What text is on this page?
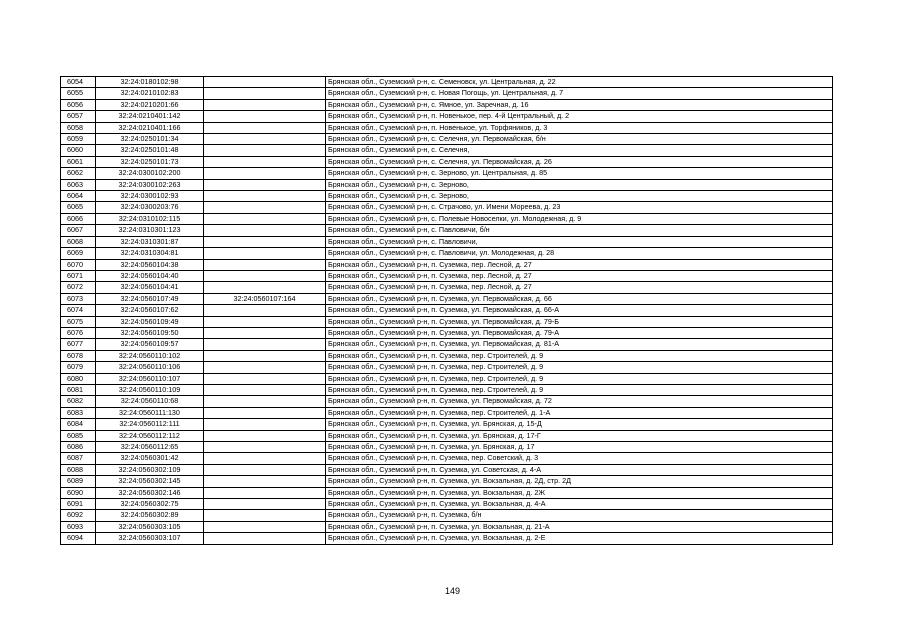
6054	32:24:0180102:98		Брянская обл., Суземский р-н, с. Семеновск, ул. Центральная, д. 22
6055	32:24:0210102:83		Брянская обл., Суземский р-н, с. Новая Погощь, ул. Центральная, д. 7
6056	32:24:0210201:66		Брянская обл., Суземский р-н, с. Ямное, ул. Заречная, д. 16
6057	32:24:0210401:142		Брянская обл., Суземский р-н, п. Новенькое, пер. 4-й Центральный, д. 2
6058	32:24:0210401:166		Брянская обл., Суземский р-н, п. Новенькое, ул. Торфяников, д. 3
6059	32:24:0250101:34		Брянская обл., Суземский р-н, с. Селечня, ул. Первомайская, б/н
6060	32:24:0250101:48		Брянская обл., Суземский р-н, с. Селечня,
6061	32:24:0250101:73		Брянская обл., Суземский р-н, с. Селечня, ул. Первомайская, д. 26
6062	32:24:0300102:200		Брянская обл., Суземский р-н, с. Зерново, ул. Центральная, д. 85
6063	32:24:0300102:263		Брянская обл., Суземский р-н, с. Зерново,
6064	32:24:0300102:93		Брянская обл., Суземский р-н, с. Зерново,
6065	32:24:0300203:76		Брянская обл., Суземский р-н, с. Страчово, ул. Имени Мореева, д. 23
6066	32:24:0310102:115		Брянская обл., Суземский р-н, с. Полевые Новоселки, ул. Молодежная, д. 9
6067	32:24:0310301:123		Брянская обл., Суземский р-н, с. Павловичи, б/н
6068	32:24:0310301:87		Брянская обл., Суземский р-н, с. Павловичи,
6069	32:24:0310304:81		Брянская обл., Суземский р-н, с. Павловичи, ул. Молодежная, д. 28
6070	32:24:0560104:38		Брянская обл., Суземский р-н, п. Суземка, пер. Лесной, д. 27
6071	32:24:0560104:40		Брянская обл., Суземский р-н, п. Суземка, пер. Лесной, д. 27
6072	32:24:0560104:41		Брянская обл., Суземский р-н, п. Суземка, пер. Лесной, д. 27
6073	32:24:0560107:49	32:24:0560107:164	Брянская обл., Суземский р-н, п. Суземка, ул. Первомайская, д. 66
6074	32:24:0560107:62		Брянская обл., Суземский р-н, п. Суземка, ул. Первомайская, д. 66-А
6075	32:24:0560109:49		Брянская обл., Суземский р-н, п. Суземка, ул. Первомайская, д. 79-Б
6076	32:24:0560109:50		Брянская обл., Суземский р-н, п. Суземка, ул. Первомайская, д. 79-А
6077	32:24:0560109:57		Брянская обл., Суземский р-н, п. Суземка, ул. Первомайская, д. 81-А
6078	32:24:0560110:102		Брянская обл., Суземский р-н, п. Суземка, пер. Строителей, д. 9
6079	32:24:0560110:106		Брянская обл., Суземский р-н, п. Суземка, пер. Строителей, д. 9
6080	32:24:0560110:107		Брянская обл., Суземский р-н, п. Суземка, пер. Строителей, д. 9
6081	32:24:0560110:109		Брянская обл., Суземский р-н, п. Суземка, пер. Строителей, д. 9
6082	32:24:0560110:68		Брянская обл., Суземский р-н, п. Суземка, ул. Первомайская, д. 72
6083	32:24:0560111:130		Брянская обл., Суземский р-н, п. Суземка, пер. Строителей, д. 1-А
6084	32:24:0560112:111		Брянская обл., Суземский р-н, п. Суземка, ул. Брянская, д. 15-Д
6085	32:24:0560112:112		Брянская обл., Суземский р-н, п. Суземка, ул. Брянская, д. 17-Г
6086	32:24:0560112:65		Брянская обл., Суземский р-н, п. Суземка, ул. Брянская, д. 17
6087	32:24:0560301:42		Брянская обл., Суземский р-н, п. Суземка, пер. Советский, д. 3
6088	32:24:0560302:109		Брянская обл., Суземский р-н, п. Суземка, ул. Советская, д. 4-А
6089	32:24:0560302:145		Брянская обл., Суземский р-н, п. Суземка, ул. Вокзальная, д. 2Д, стр. 2Д
6090	32:24:0560302:146		Брянская обл., Суземский р-н, п. Суземка, ул. Вокзальная, д. 2Ж
6091	32:24:0560302:75		Брянская обл., Суземский р-н, п. Суземка, ул. Вокзальная, д. 4-А
6092	32:24:0560302:89		Брянская обл., Суземский р-н, п. Суземка, б/н
6093	32:24:0560303:105		Брянская обл., Суземский р-н, п. Суземка, ул. Вокзальная, д. 21-А
6094	32:24:0560303:107		Брянская обл., Суземский р-н, п. Суземка, ул. Вокзальная, д. 2-Е
149
